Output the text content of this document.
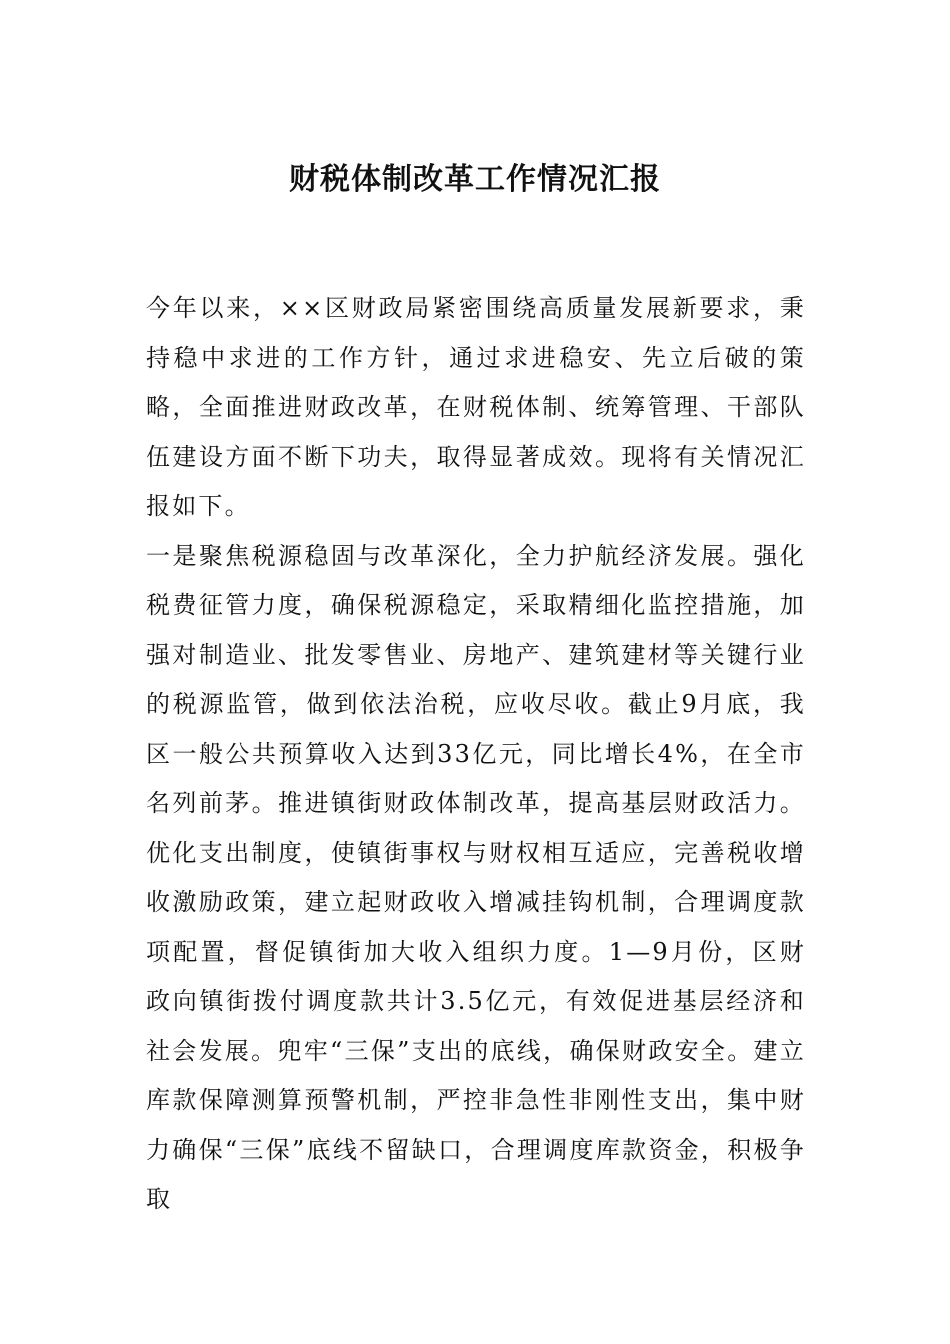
财税体制改革工作情况汇报

今年以来，××区财政局紧密围绕高质量发展新要求，秉持稳中求进的工作方针，通过求进稳安、先立后破的策略，全面推进财政改革，在财税体制、统筹管理、干部队伍建设方面不断下功夫，取得显著成效。现将有关情况汇报如下。

一是聚焦税源稳固与改革深化，全力护航经济发展。强化税费征管力度，确保税源稳定，采取精细化监控措施，加强对制造业、批发零售业、房地产、建筑建材等关键行业的税源监管，做到依法治税，应收尽收。截止9月底，我区一般公共预算收入达到33亿元，同比增长4%，在全市名列前茅。推进镇街财政体制改革，提高基层财政活力。优化支出制度，使镇街事权与财权相互适应，完善税收增收激励政策，建立起财政收入增减挂钩机制，合理调度款项配置，督促镇街加大收入组织力度。1—9月份，区财政向镇街拨付调度款共计3.5亿元，有效促进基层经济和社会发展。兜牢“三保”支出的底线，确保财政安全。建立库款保障测算预警机制，严控非急性非刚性支出，集中财力确保“三保”底线不留缺口，合理调度库款资金，积极争取
